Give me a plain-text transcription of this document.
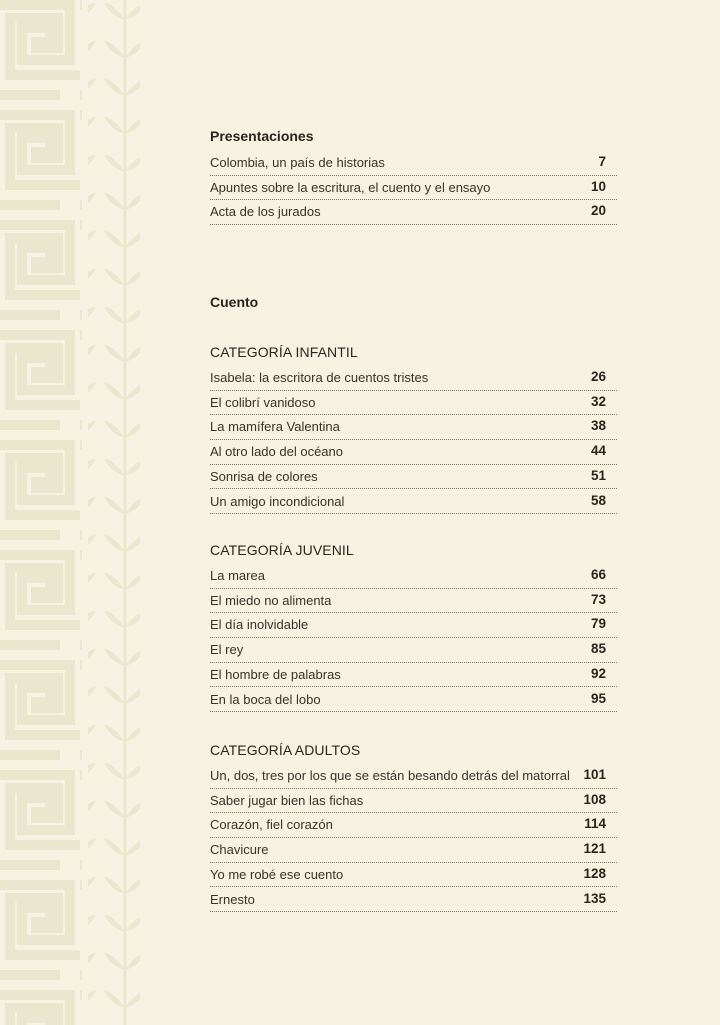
Presentaciones
Colombia, un país de historias	7
Apuntes sobre la escritura, el cuento y el ensayo	10
Acta de los jurados	20
Cuento
CATEGORÍA INFANTIL
Isabela: la escritora de cuentos tristes	26
El colibrí vanidoso	32
La mamífera Valentina	38
Al otro lado del océano	44
Sonrisa de colores	51
Un amigo incondicional	58
CATEGORÍA JUVENIL
La marea	66
El miedo no alimenta	73
El día inolvidable	79
El rey	85
El hombre de palabras	92
En la boca del lobo	95
CATEGORÍA ADULTOS
Un, dos, tres por los que se están besando detrás del matorral 101
Saber jugar bien las fichas	108
Corazón, fiel corazón	114
Chavicure	121
Yo me robé ese cuento	128
Ernesto	135
